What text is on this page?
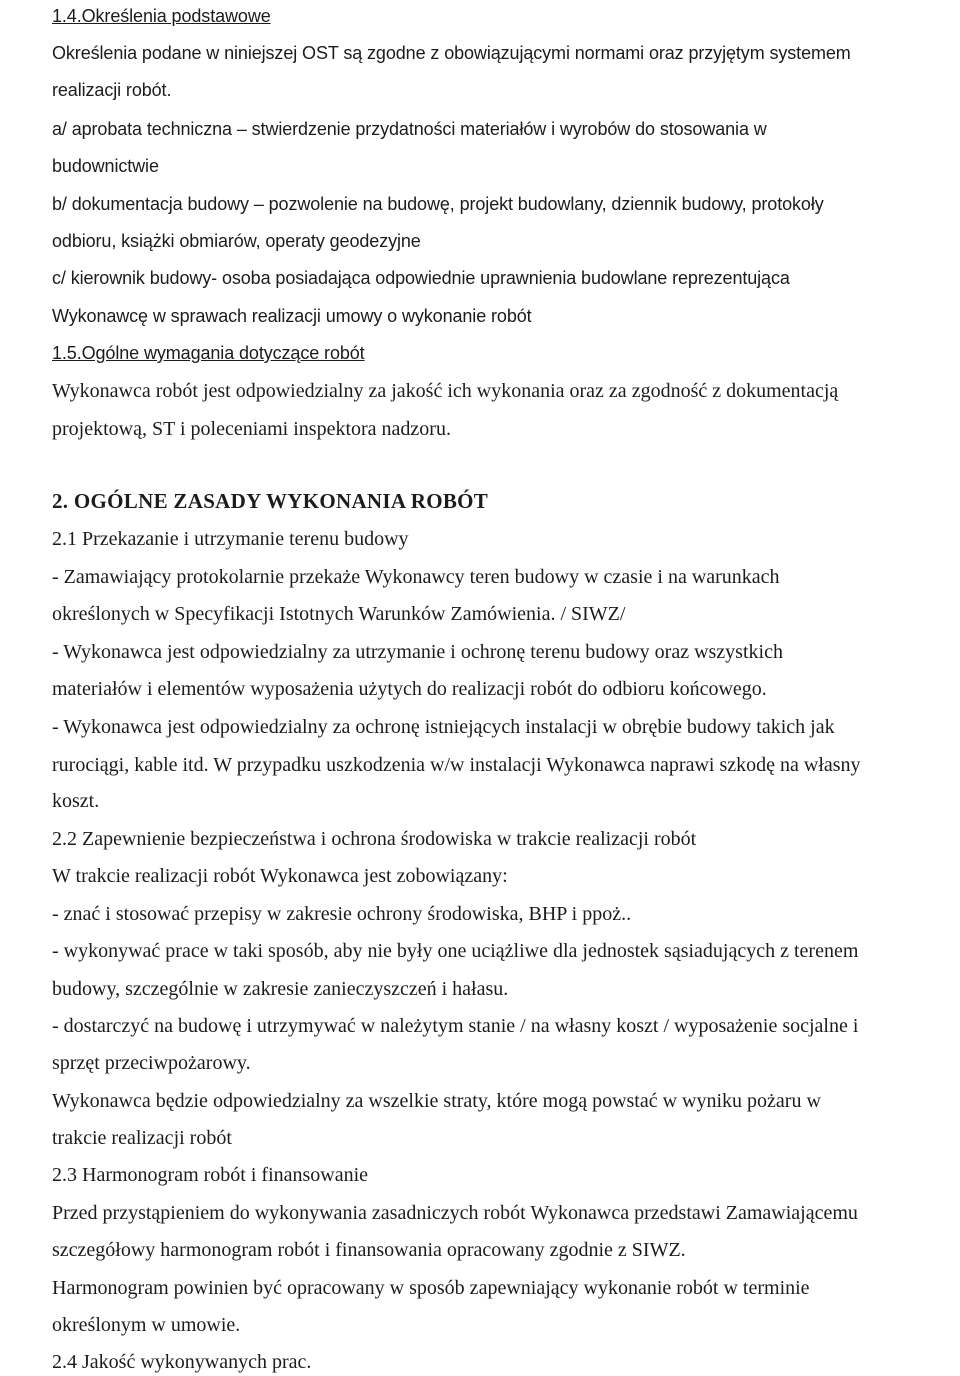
1.4.Określenia podstawowe
Określenia podane w niniejszej OST są zgodne z obowiązującymi normami oraz przyjętym systemem
realizacji robót.
a/ aprobata techniczna – stwierdzenie przydatności materiałów i wyrobów do stosowania w
budownictwie
b/ dokumentacja budowy – pozwolenie na budowę, projekt budowlany, dziennik budowy, protokoły
odbioru, książki obmiarów, operaty geodezyjne
c/ kierownik budowy- osoba posiadająca odpowiednie uprawnienia budowlane reprezentująca
Wykonawcę w sprawach realizacji umowy o wykonanie robót
1.5.Ogólne wymagania dotyczące robót
Wykonawca robót jest odpowiedzialny za jakość ich wykonania oraz za zgodność z dokumentacją
projektową, ST i poleceniami inspektora nadzoru.
2. OGÓLNE ZASADY WYKONANIA ROBÓT
2.1 Przekazanie i utrzymanie terenu budowy
- Zamawiający protokolarnie przekaże Wykonawcy teren budowy w czasie i na warunkach
określonych w Specyfikacji Istotnych Warunków Zamówienia. / SIWZ/
- Wykonawca jest odpowiedzialny za utrzymanie i ochronę terenu budowy oraz wszystkich
materiałów i elementów wyposażenia użytych do realizacji robót do odbioru końcowego.
- Wykonawca jest odpowiedzialny za ochronę istniejących instalacji w obrębie budowy takich jak
rurociągi, kable itd. W przypadku uszkodzenia w/w instalacji Wykonawca naprawi szkodę na własny
koszt.
2.2 Zapewnienie bezpieczeństwa i ochrona środowiska w trakcie realizacji robót
W trakcie realizacji robót Wykonawca jest zobowiązany:
- znać i stosować przepisy w zakresie ochrony środowiska, BHP i ppoż..
- wykonywać prace w taki sposób, aby nie były one uciążliwe dla jednostek sąsiadujących z terenem
budowy, szczególnie w zakresie zanieczyszczeń i hałasu.
- dostarczyć na budowę i utrzymywać w należytym stanie / na własny koszt / wyposażenie socjalne i
sprzęt przeciwpożarowy.
Wykonawca będzie odpowiedzialny za wszelkie straty, które mogą powstać w wyniku pożaru w
trakcie realizacji robót
2.3 Harmonogram robót i finansowanie
Przed przystąpieniem do wykonywania zasadniczych robót Wykonawca przedstawi Zamawiającemu
szczegółowy harmonogram robót i finansowania opracowany zgodnie z SIWZ.
Harmonogram powinien być opracowany w sposób zapewniający wykonanie robót w terminie
określonym w umowie.
2.4 Jakość wykonywanych prac.
